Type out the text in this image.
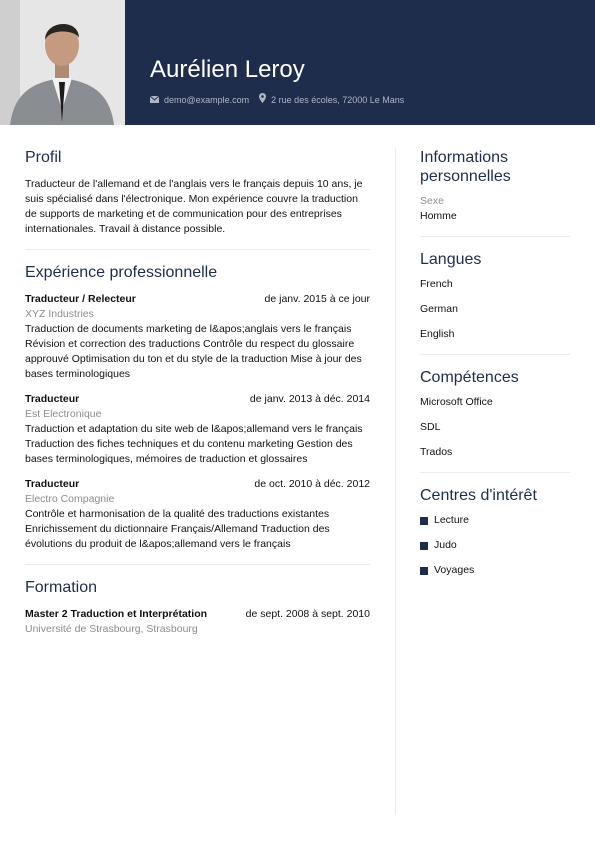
Aurélien Leroy
demo@example.com 2 rue des écoles, 72000 Le Mans
Profil

Traducteur de l'allemand et de l'anglais vers le français depuis 10 ans, je suis spécialisé dans l'électronique. Mon expérience couvre la traduction de supports de marketing et de communication pour des entreprises internationales. Travail à distance possible.

Expérience professionnelle
Traducteur / Relecteur	de janv. 2015 à ce jour
XYZ Industries

Traduction de documents marketing de l&apos;anglais vers le français Révision et correction des traductions Contrôle du respect du glossaire approuvé Optimisation du ton et du style de la traduction Mise à jour des bases terminologiques

Traducteur	de janv. 2013 à déc. 2014
Est Electronique

Traduction et adaptation du site web de l&apos;allemand vers le français Traduction des fiches techniques et du contenu marketing Gestion des bases terminologiques, mémoires de traduction et glossaires

Traducteur	de oct. 2010 à déc. 2012
Electro Compagnie

Contrôle et harmonisation de la qualité des traductions existantes Enrichissement du dictionnaire Français/Allemand Traduction des évolutions du produit de l&apos;allemand vers le français

Formation
Master 2 Traduction et Interprétation	de sept. 2008 à sept. 2010
Université de Strasbourg, Strasbourg
Informations personnelles
Sexe
Homme
Langues
French
German
English
Compétences
Microsoft Office
SDL
Trados
Centres d'intérêt
Lecture
Judo
Voyages
